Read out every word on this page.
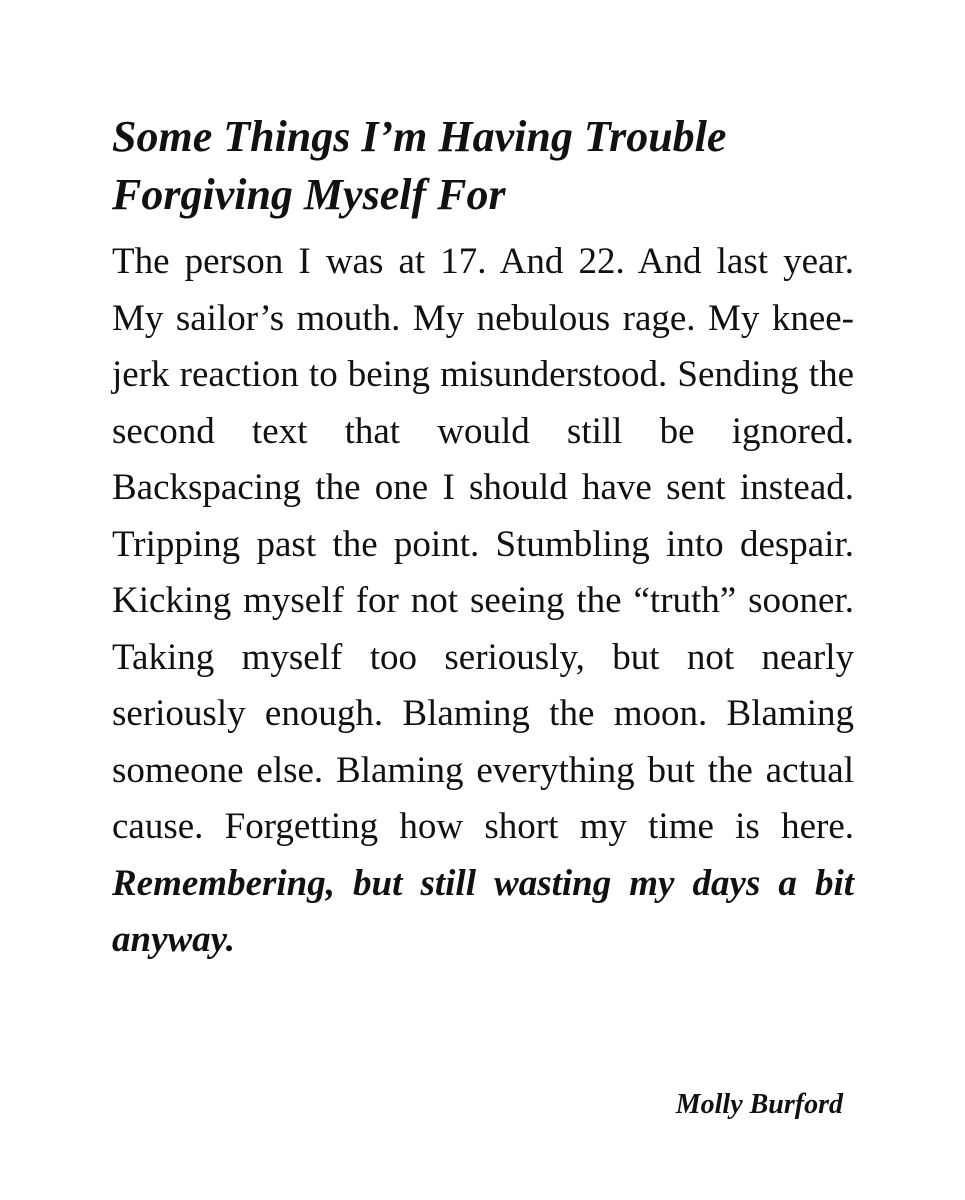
Some Things I’m Having Trouble Forgiving Myself For

The person I was at 17. And 22. And last year. My sailor’s mouth. My nebulous rage. My knee-jerk reaction to being misunderstood. Sending the second text that would still be ignored. Backspacing the one I should have sent instead. Tripping past the point. Stumbling into despair. Kicking myself for not seeing the “truth” sooner. Taking myself too seriously, but not nearly seriously enough. Blaming the moon. Blaming someone else. Blaming everything but the actual cause. Forgetting how short my time is here. Remembering, but still wasting my days a bit anyway.

Molly Burford
